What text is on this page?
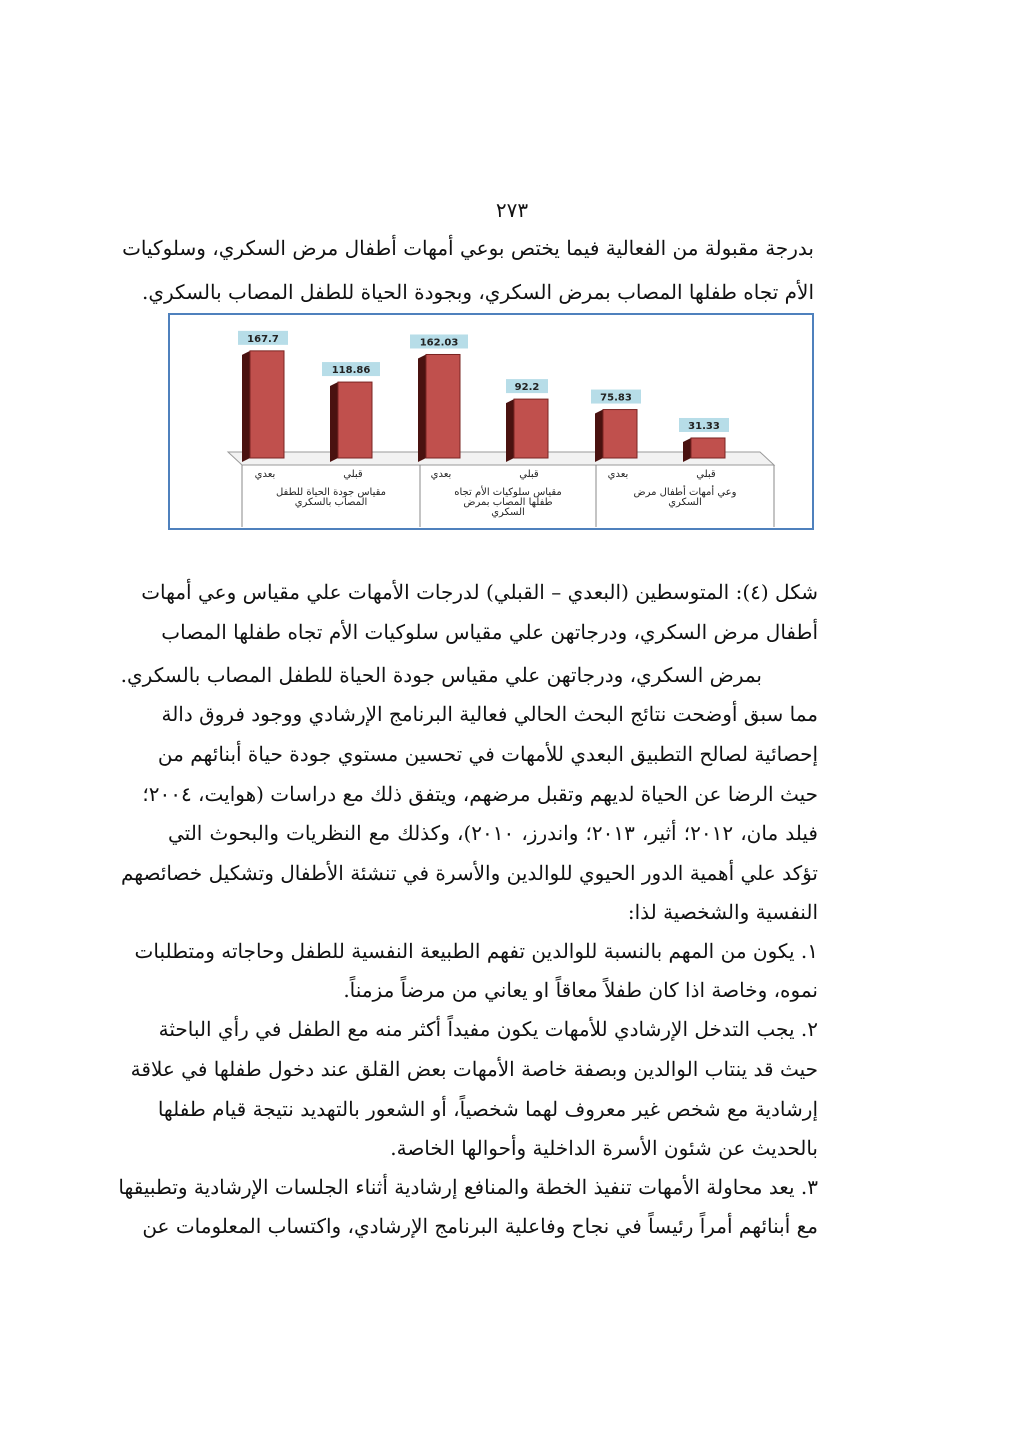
٢٧٣
بدرجة مقبولة من الفعالية فيما يختص بوعي أمهات أطفال مرض السكري، وسلوكيات
الأم تجاه طفلها المصاب بمرض السكري، وبجودة الحياة للطفل المصاب بالسكري.
167.7
بعدي
118.86
قبلي
مقياس جودة الحياة للطفل
المصاب بالسكري
162.03
بعدي
92.2
قبلي
مقياس سلوكيات الأم تجاه
طفلها المصاب بمرض
السكري
75.83
بعدي
31.33
قبلي
وعي أمهات أطفال مرض
السكري
شكل (٤): المتوسطين (البعدي – القبلي) لدرجات الأمهات علي مقياس وعي أمهات
أطفال مرض السكري، ودرجاتهن علي مقياس سلوكيات الأم تجاه طفلها المصاب
بمرض السكري، ودرجاتهن علي مقياس جودة الحياة للطفل المصاب بالسكري.
مما سبق أوضحت نتائج البحث الحالي فعالية البرنامج الإرشادي ووجود فروق دالة
إحصائية لصالح التطبيق البعدي للأمهات في تحسين مستوي جودة حياة أبنائهم من
حيث الرضا عن الحياة لديهم وتقبل مرضهم، ويتفق ذلك مع دراسات (هوايت، ٢٠٠٤؛
فيلد مان، ٢٠١٢؛ أثير، ٢٠١٣؛ واندرز، ٢٠١٠)، وكذلك مع النظريات والبحوث التي
تؤكد علي أهمية الدور الحيوي للوالدين والأسرة في تنشئة الأطفال وتشكيل خصائصهم
النفسية والشخصية لذا:
١. يكون من المهم بالنسبة للوالدين تفهم الطبيعة النفسية للطفل وحاجاته ومتطلبات
نموه، وخاصة اذا كان طفلاً معاقاً او يعاني من مرضاً مزمناً.
٢. يجب التدخل الإرشادي للأمهات يكون مفيداً أكثر منه مع الطفل في رأي الباحثة
حيث قد ينتاب الوالدين وبصفة خاصة الأمهات بعض القلق عند دخول طفلها في علاقة
إرشادية مع شخص غير معروف لهما شخصياً، أو الشعور بالتهديد نتيجة قيام طفلها
بالحديث عن شئون الأسرة الداخلية وأحوالها الخاصة.
٣. يعد محاولة الأمهات تنفيذ الخطة والمنافع إرشادية أثناء الجلسات الإرشادية وتطبيقها
مع أبنائهم أمراً رئيساً في نجاح وفاعلية البرنامج الإرشادي، واكتساب المعلومات عن
